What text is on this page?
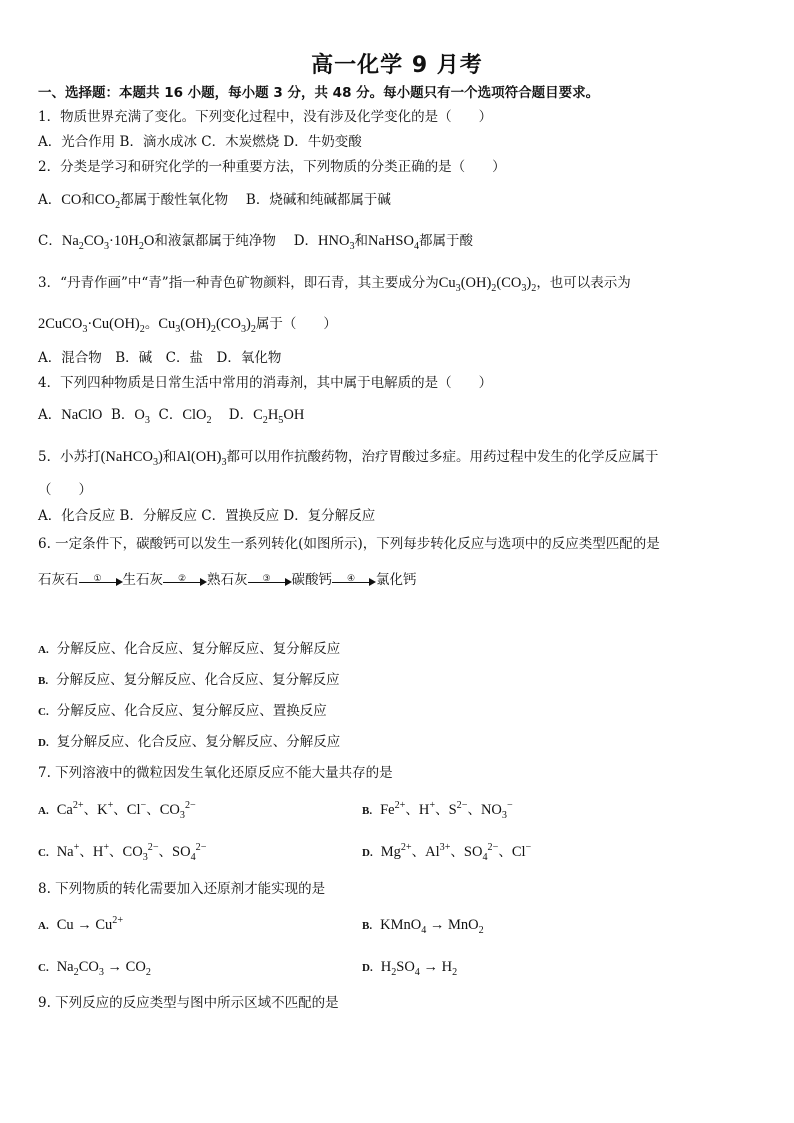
高一化学 9 月考
一、选择题：本题共 16 小题，每小题 3 分，共 48 分。每小题只有一个选项符合题目要求。
1．物质世界充满了变化。下列变化过程中，没有涉及化学变化的是（　　）
A．光合作用 B．滴水成冰 C．木炭燃烧 D．牛奶变酸
2．分类是学习和研究化学的一种重要方法，下列物质的分类正确的是（　　）
A．CO和$CO_2$都属于酸性氧化物　 B．烧碱和纯碱都属于碱
C．$Na_2CO_3\cdot 10H_2O$和液氯都属于纯净物　 D．$HNO_3$和NaHSO$_4$都属于酸
3．“丹青作画”中“青”指一种青色矿物颜料，即石青，其主要成分为$Cu_3(OH)_2(CO_3)_2$，也可以表示为
$2CuCO_3\cdot Cu(OH)_2$。$Cu_3(OH)_2(CO_3)_2$属于（　　）
A．混合物　B．碱　C．盐　D．氧化物
4．下列四种物质是日常生活中常用的消毒剂，其中属于电解质的是（　　）
A．NaClO B．$O_3$ C．ClO$_2$ D．$C_2H_5OH$
5．小苏打(NaHCO$_3$)和$Al(OH)_3$都可以用作抗酸药物，治疗胃酸过多症。用药过程中发生的化学反应属于
（　　）
A．化合反应 B．分解反应 C．置换反应 D．复分解反应
6. 一定条件下，碳酸钙可以发生一系列转化(如图所示)，下列每步转化反应与选项中的反应类型匹配的是
石灰石	①	生石灰	②	熟石灰	③	碳酸钙	④	氯化钙
A. 分解反应、化合反应、复分解反应、复分解反应
B. 分解反应、复分解反应、化合反应、复分解反应
C. 分解反应、化合反应、复分解反应、置换反应
D. 复分解反应、化合反应、复分解反应、分解反应
7. 下列溶液中的微粒因发生氧化还原反应不能大量共存的是
A. $Ca^{2+}$、K+、Cl−、$CO_3^{2-}$	B. $Fe^{2+}$、H+、$S^{2-}$、$NO_3^-$
C. Na+、H+、$CO_3^{2-}$、$SO_4^{2-}$	D. $Mg^{2+}$、$Al^{3+}$、$SO_4^{2-}$、Cl−
8. 下列物质的转化需要加入还原剂才能实现的是
A. $Cu \to Cu^{2+}$	B. KMnO$_4$ → MnO$_2$
C. $Na_2CO_3 \to CO_2$	D. $H_2SO_4 \to H_2$
9. 下列反应的反应类型与图中所示区域不匹配的是
